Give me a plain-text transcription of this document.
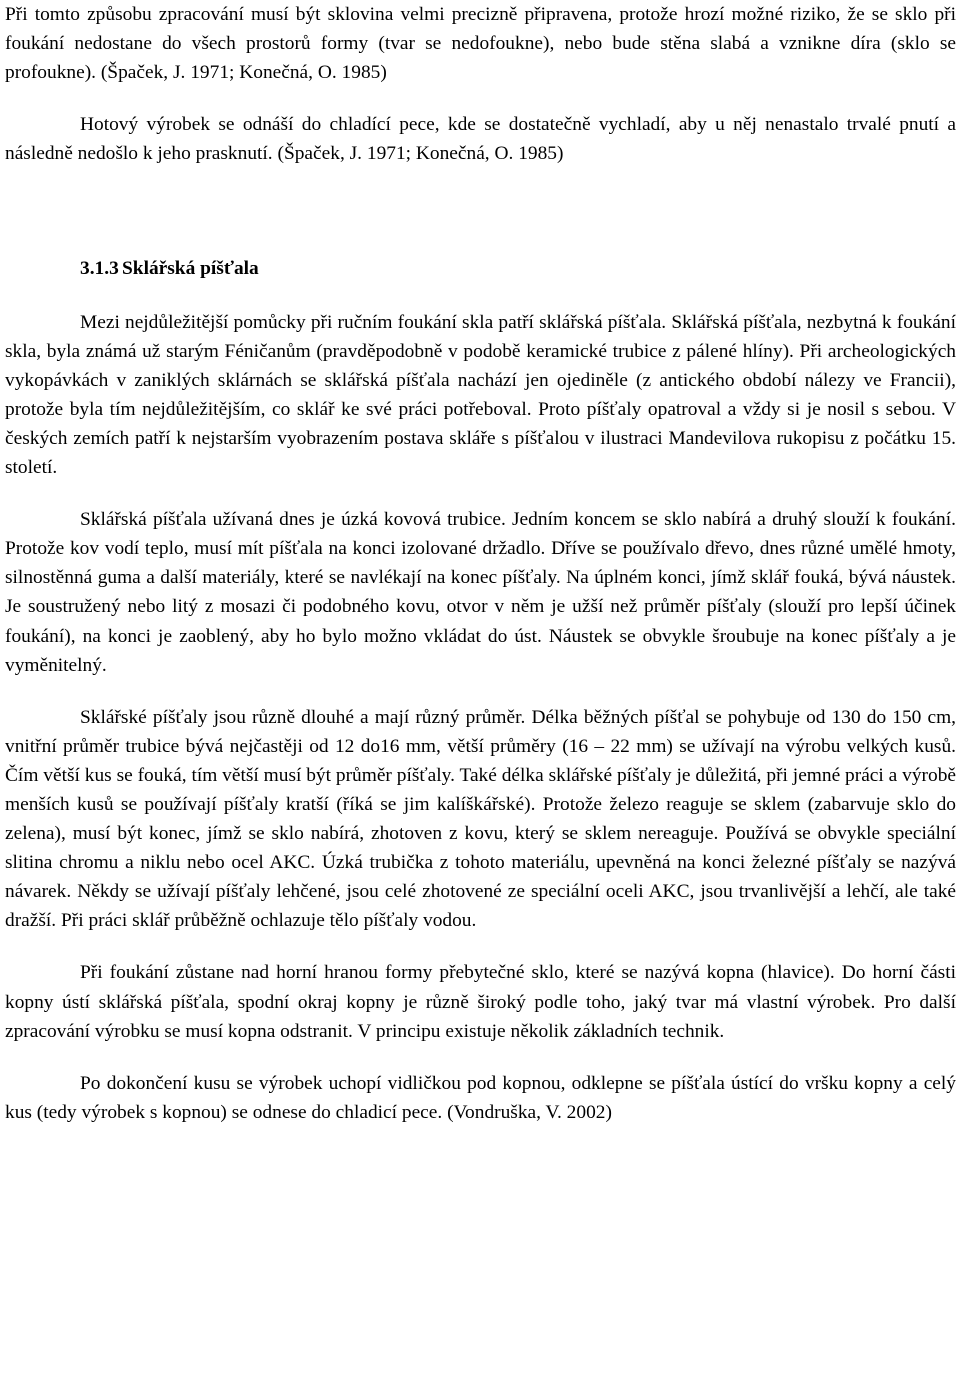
Při tomto způsobu zpracování musí být sklovina velmi precizně připravena, protože hrozí možné riziko, že se sklo při foukání nedostane do všech prostorů formy (tvar se nedofoukne), nebo bude stěna slabá a vznikne díra (sklo se profoukne). (Špaček, J. 1971; Konečná, O. 1985)

Hotový výrobek se odnáší do chladící pece, kde se dostatečně vychladí, aby u něj nenastalo trvalé pnutí a následně nedošlo k jeho prasknutí. (Špaček, J. 1971; Konečná, O. 1985)

3.1.3 Sklářská píšťala

Mezi nejdůležitější pomůcky při ručním foukání skla patří sklářská píšťala. Sklářská píšťala, nezbytná k foukání skla, byla známá už starým Féničanům (pravděpodobně v podobě keramické trubice z pálené hlíny). Při archeologických vykopávkách v zaniklých sklárnách se sklářská píšťala nachází jen ojediněle (z antického období nálezy ve Francii), protože byla tím nejdůležitějším, co sklář ke své práci potřeboval. Proto píšťaly opatroval a vždy si je nosil s sebou. V českých zemích patří k nejstarším vyobrazením postava skláře s píšťalou v ilustraci Mandevilova rukopisu z počátku 15. století.

Sklářská píšťala užívaná dnes je úzká kovová trubice. Jedním koncem se sklo nabírá a druhý slouží k foukání. Protože kov vodí teplo, musí mít píšťala na konci izolované držadlo. Dříve se používalo dřevo, dnes různé umělé hmoty, silnostěnná guma a další materiály, které se navlékají na konec píšťaly. Na úplném konci, jímž sklář fouká, bývá náustek. Je soustružený nebo litý z mosazi či podobného kovu, otvor v něm je užší než průměr píšťaly (slouží pro lepší účinek foukání), na konci je zaoblený, aby ho bylo možno vkládat do úst. Náustek se obvykle šroubuje na konec píšťaly a je vyměnitelný.

Sklářské píšťaly jsou různě dlouhé a mají různý průměr. Délka běžných píšťal se pohybuje od 130 do 150 cm, vnitřní průměr trubice bývá nejčastěji od 12 do16 mm, větší průměry (16 – 22 mm) se užívají na výrobu velkých kusů. Čím větší kus se fouká, tím větší musí být průměr píšťaly. Také délka sklářské píšťaly je důležitá, při jemné práci a výrobě menších kusů se používají píšťaly kratší (říká se jim kalíškářské). Protože železo reaguje se sklem (zabarvuje sklo do zelena), musí být konec, jímž se sklo nabírá, zhotoven z kovu, který se sklem nereaguje. Používá se obvykle speciální slitina chromu a niklu nebo ocel AKC. Úzká trubička z tohoto materiálu, upevněná na konci železné píšťaly se nazývá návarek. Někdy se užívají píšťaly lehčené, jsou celé zhotovené ze speciální oceli AKC, jsou trvanlivější a lehčí, ale také dražší. Při práci sklář průběžně ochlazuje tělo píšťaly vodou.

Při foukání zůstane nad horní hranou formy přebytečné sklo, které se nazývá kopna (hlavice). Do horní části kopny ústí sklářská píšťala, spodní okraj kopny je různě široký podle toho, jaký tvar má vlastní výrobek. Pro další zpracování výrobku se musí kopna odstranit. V principu existuje několik základních technik.

Po dokončení kusu se výrobek uchopí vidličkou pod kopnou, odklepne se píšťala ústící do vršku kopny a celý kus (tedy výrobek s kopnou) se odnese do chladicí pece. (Vondruška, V. 2002)
